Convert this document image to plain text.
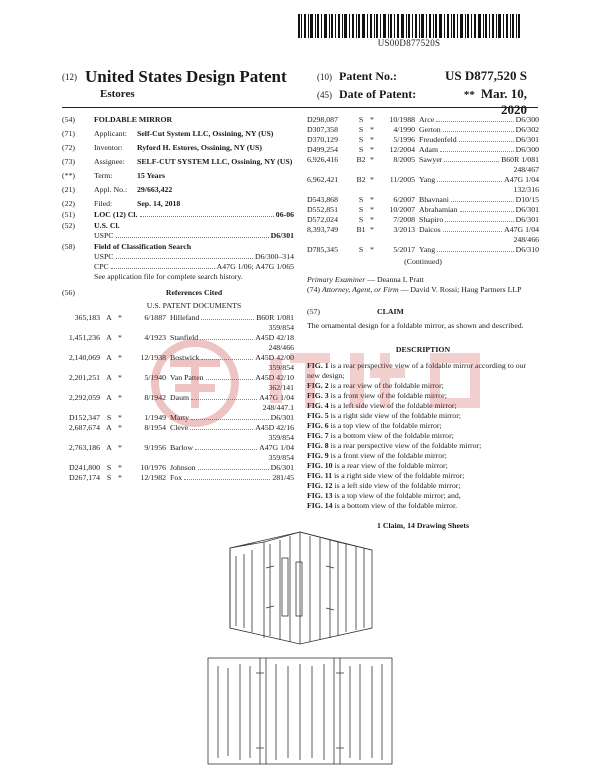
US00D877520S
(12) United States Design Patent
Estores
(10) Patent No.:	US D877,520 S
(45) Date of Patent:	** Mar. 10, 2020
(54)	FOLDABLE MIRROR
(71)	Applicant:	Self-Cut System LLC, Ossining, NY (US)
(72)	Inventor:	Ryford H. Estores, Ossining, NY (US)
(73)	Assignee:	SELF-CUT SYSTEM LLC, Ossining, NY (US)
(**)	Term:	15 Years
(21)	Appl. No.:	29/663,422
(22)	Filed:	Sep. 14, 2018
(51)	LOC (12) Cl.	06-06
(52)	U.S. Cl.
USPC	D6/301
(58)	Field of Classification Search
USPC	D6/300–314
CPC	A47G 1/06; A47G 1/065
See application file for complete search history.
(56)	References Cited
U.S. PATENT DOCUMENTS
365,183 A *	6/1887 Hillefand	B60R 1/081
359/854
1,451,236 A *	4/1923 Stanfield	A45D 42/18
248/466
2,140,069 A *	12/1938 Bostwick	A45D 42/00
359/854
2,201,251 A *	5/1940 Van Patten	A45D 42/10
362/141
2,292,059 A *	8/1942 Daum	A47G 1/04
248/447.1
D152,347 S *	1/1949 Marty	D6/301
2,687,674 A *	8/1954 Cleve	A45D 42/16
359/854
2,763,186 A *	9/1956 Barlow	A47G 1/04
359/854
D241,800 S *	10/1976 Johnson	D6/301
D267,174 S *	12/1982 Fox	281/45
D298,087	S *	10/1988 Arce	D6/300
D307,358	S *	4/1990 Gerton	D6/302
D370,129	S *	5/1996 Freudenfeld	D6/301
D499,254	S *	12/2004 Adam	D6/300
6,926,416	B2 *	8/2005 Sawyer	B60R 1/081
248/467
6,962,421	B2 *	11/2005 Yang	A47G 1/04
132/316
D543,868	S *	6/2007 Bhavnani	D10/15
D552,851	S *	10/2007 Abrahamian	D6/301
D572,024	S *	7/2008 Shapiro	D6/301
8,393,749	B1 *	3/2013 Daicos	A47G 1/04
248/466
D785,345	S *	5/2017 Yang	D6/310
(Continued)
Primary Examiner — Deanna L Pratt
(74) Attorney, Agent, or Firm — David V. Rossi; Haug Partners LLP
(57)	CLAIM
The ornamental design for a foldable mirror, as shown and described.
DESCRIPTION
FIG. 1 is a rear perspective view of a foldable mirror according to our new design;
FIG. 2 is a rear view of the foldable mirror;
FIG. 3 is a front view of the foldable mirror;
FIG. 4 is a left side view of the foldable mirror;
FIG. 5 is a right side view of the foldable mirror;
FIG. 6 is a top view of the foldable mirror;
FIG. 7 is a bottom view of the foldable mirror;
FIG. 8 is a rear perspective view of the foldable mirror;
FIG. 9 is a front view of the foldable mirror;
FIG. 10 is a rear view of the foldable mirror;
FIG. 11 is a right side view of the foldable mirror;
FIG. 12 is a left side view of the foldable mirror;
FIG. 13 is a top view of the foldable mirror; and,
FIG. 14 is a bottom view of the foldable mirror.
1 Claim, 14 Drawing Sheets
